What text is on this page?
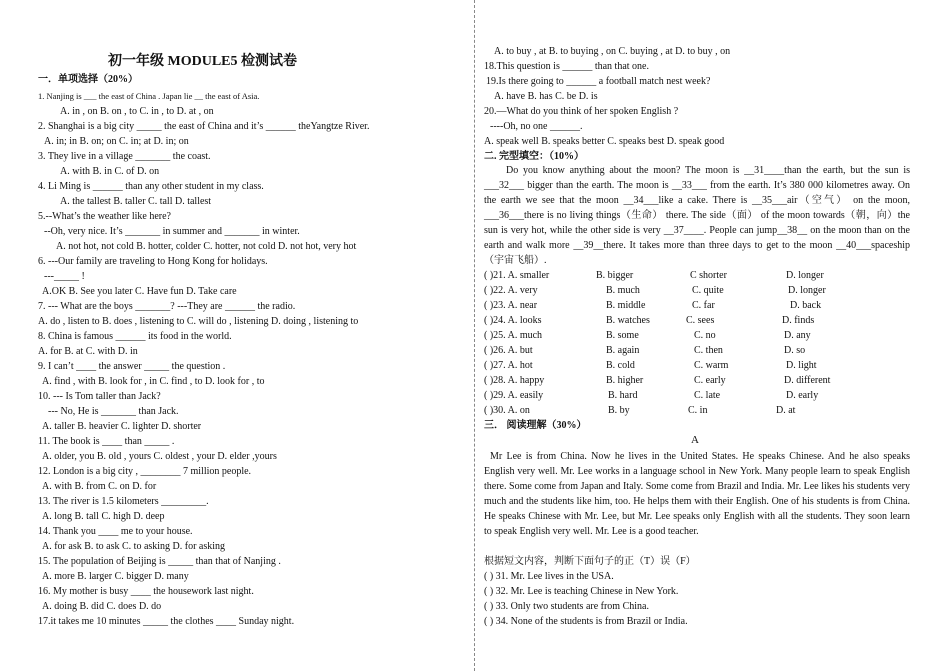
初一年级 MODULE5 检测试卷
一．单项选择（20%）
1. Nanjing is ___ the east of China . Japan lie __ the east of Asia.
A. in , on B. on , to C. in , to D. at , on
2. Shanghai is a big city _____ the east of China and it’s ______ theYangtze River.
A. in; in B. on; on C. in; at D. in; on
3. They live in a village _______ the coast.
A. with B. in C. of D. on
4. Li Ming is ______ than any other student in my class.
A. the tallest B. taller C. tall D. tallest
5.--What’s the weather like here?
--Oh, very nice. It’s _______ in summer and _______ in winter.
A. not hot, not cold B. hotter, colder C. hotter, not cold D. not hot, very hot
6. ---Our family are traveling to Hong Kong for holidays.
---_____ !
A.OK B. See you later C. Have fun D. Take care
7. --- What are the boys _______? ---They are ______ the radio.
A. do , listen to B. does , listening to C. will do , listening D. doing , listening to
8. China is famous ______ its food in the world.
A. for B. at C. with D. in
9. I can’t ____ the answer _____ the question .
A. find , with B. look for , in C. find , to D. look for , to
10. --- Is Tom taller than Jack?
--- No, He is _______ than Jack.
A. taller B. heavier C. lighter D. shorter
11. The book is ____ than _____ .
A. older, you B. old , yours C. oldest , your D. elder ,yours
12. London is a big city , ________ 7 million people.
A. with B. from C. on D. for
13. The river is 1.5 kilometers _________.
A. long B. tall C. high D. deep
14. Thank you ____ me to your house.
A. for ask B. to ask C. to asking D. for asking
15. The population of Beijing is _____ than that of Nanjing .
A. more B. larger C. bigger D. many
16. My mother is busy ____ the housework last night.
A. doing B. did C. does D. do
17.it takes me 10 minutes _____ the clothes ____ Sunday night.
A. to buy , at B. to buying , on C. buying , at D. to buy , on
18.This question is ______ than that one.
19.Is there going to ______ a football match nest week?
A. have B. has C. be D. is
20.—What do you think of her spoken English ?
----Oh, no one ______.
A. speak well B. speaks better C. speaks best D. speak good
二. 完型填空：（10%）
Do you know anything about the moon? The moon is __31____than the earth, but the sun is ___32___ bigger than the earth. The moon is __33___ from the earth. It’s 380 000 kilometres away. On the earth we see that the moon __34___like a cake. There is __35___air（空气） on the moon, ___36___there is no living things（生命） there. The side（面） of the moon towards（朝，向）the sun is very hot, while the other side is very __37____. People can jump__38__ on the moon than on the earth and walk more __39__there. It takes more than three days to get to the moon __40___spaceship（宇宙飞船）.
( )21. A. smaller	B. bigger	C shorter	D. longer
( )22. A. very	B. much	C. quite	D. longer
( )23. A. near	B. middle	C. far	D. back
( )24. A. looks	B. watches	C. sees	D. finds
( )25. A. much	B. some	C. no	D. any
( )26. A. but	B. again	C. then	D. so
( )27. A. hot	B. cold	C. warm	D. light
( )28. A. happy	B. higher	C. early	D. different
( )29. A. easily	B. hard	C. late	D. early
( )30. A. on	B. by	C. in	D. at
三． 阅读理解（30%）
A
Mr Lee is from China. Now he lives in the United States. He speaks Chinese. And he also speaks English very well. Mr. Lee works in a language school in New York. Many people learn to speak English there. Some come from Japan and Italy. Some come from Brazil and India. Mr. Lee likes his students very much and the students like him, too. He helps them with their English. One of his students is from China. He speaks Chinese with Mr. Lee, but Mr. Lee speaks only English with all the students. They soon learn to speak English very well. Mr. Lee is a good teacher.
根据短文内容，判断下面句子的正（T）误（F）
( ) 31. Mr. Lee lives in the USA.
( ) 32. Mr. Lee is teaching Chinese in New York.
( ) 33. Only two students are from China.
( ) 34. None of the students is from Brazil or India.
